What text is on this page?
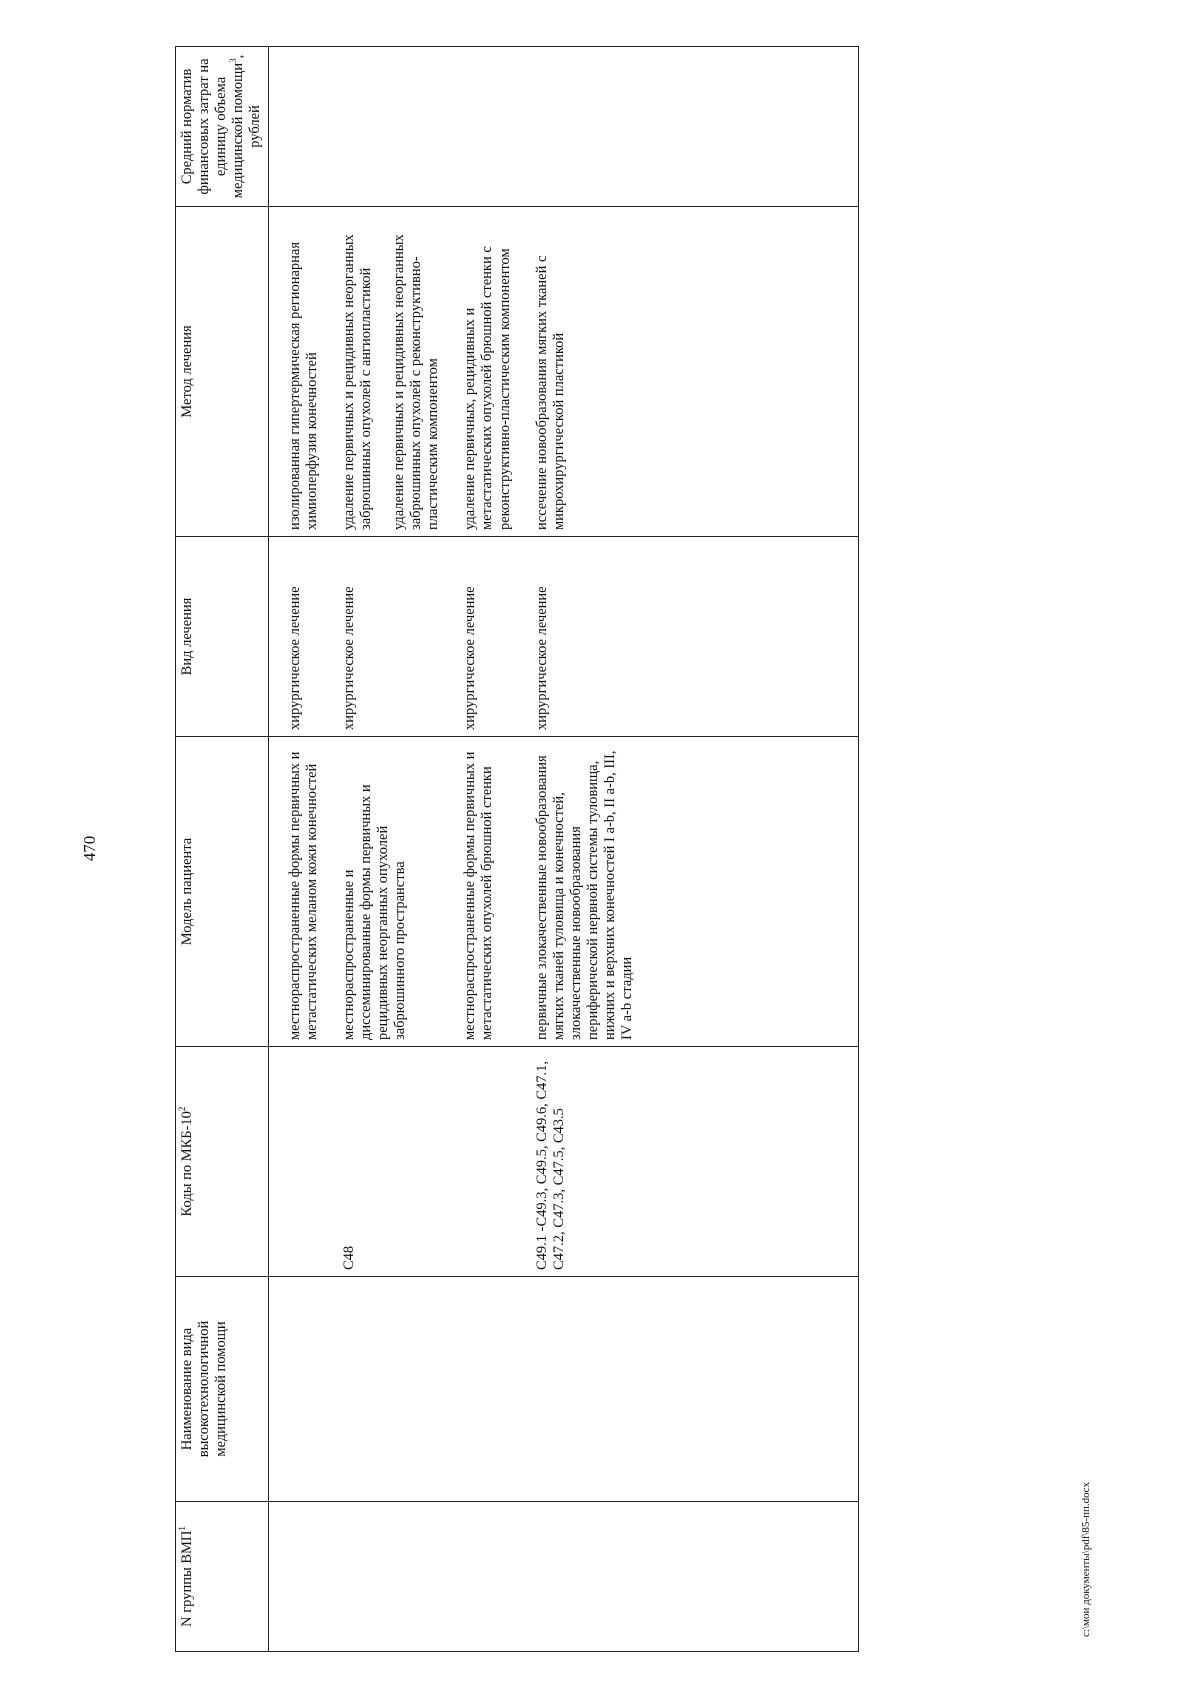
470
N группы ВМП$^1$	Наименование вида высокотехнологичной медицинской помощи	Коды по МКБ-$10^2$	Модель пациента	Вид лечения	Метод лечения	Средний норматив финансовых затрат на единицу объема медицинской помощи$^3$, рублей
			местнораспространенные формы первичных и метастатических меланом кожи конечностей	хирургическое лечение	изолированная гипертермическая регионарная химиоперфузия конечностей	

		C48	местнораспространенные и диссеминированные формы первичных и рецидивных неорганных опухолей забрюшинного пространства	хирургическое лечение	удаление первичных и рецидивных неорганных забрюшинных опухолей с ангиопластикой удаление первичных и рецидивных неорганных забрюшинных опухолей с реконструктивно-пластическим компонентом	

			местнораспространенные формы первичных и метастатических опухолей брюшной стенки	хирургическое лечение	удаление первичных, рецидивных и метастатических опухолей брюшной стенки с реконструктивно-пластическим компонентом	

		C49.1 -C49.3, C49.5, C49.6, C47.1, C47.2, C47.3, C47.5, C43.5	первичные злокачественные новообразования мягких тканей туловища и конечностей, злокачественные новообразования периферической нервной системы туловища, нижних и верхних конечностей I a-b, II a-b, III, IV a-b стадии	хирургическое лечение	иссечение новообразования мягких тканей с микрохирургической пластикой	

c:\мои документы\pdf\85-пп.docx
